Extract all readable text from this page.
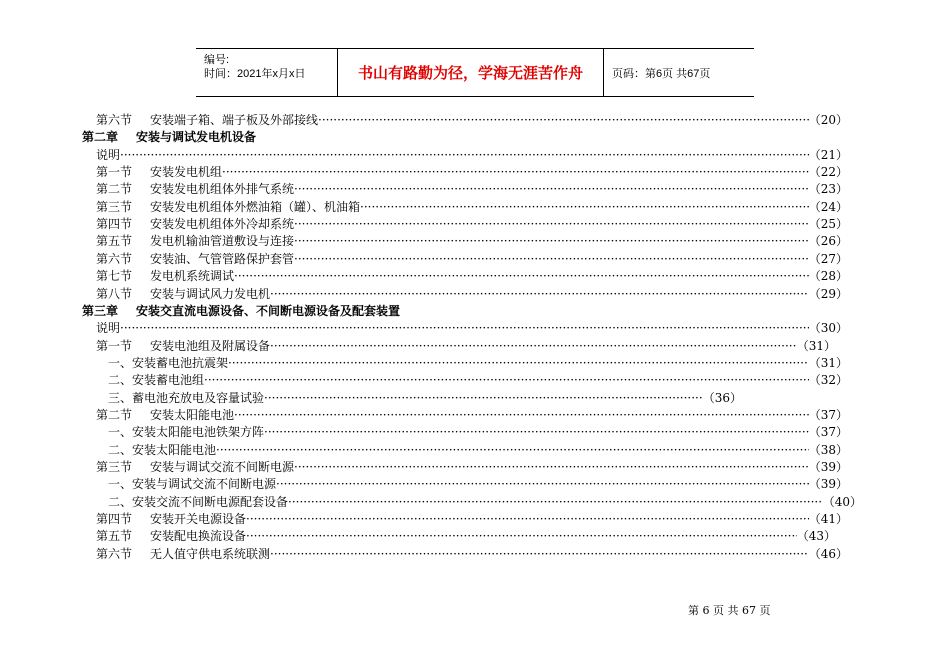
编号:
时间：2021年x月x日	书山有路勤为径，学海无涯苦作舟	页码：第6页 共67页
第六节	安装端子箱、端子板及外部接线 ·····	（20）
第二章	安装与调试发电机设备
说明 ·····	（21）
第一节	安装发电机组 ·····	（22）
第二节	安装发电机组体外排气系统 ·····	（23）
第三节	安装发电机组体外燃油箱（罐）、机油箱 ·····	（24）
第四节	安装发电机组体外冷却系统 ·····	（25）
第五节	发电机输油管道敷设与连接 ·····	（26）
第六节	安装油、气管管路保护套管 ·····	（27）
第七节	发电机系统调试 ·····	（28）
第八节	安装与调试风力发电机 ·····	（29）
第三章	安装交直流电源设备、不间断电源设备及配套装置
说明 ·····	（30）
第一节	安装电池组及附属设备 ·····	（31）
一、安装蓄电池抗震架 ·····	（31）
二、安装蓄电池组 ·····	（32）
三、蓄电池充放电及容量试验 ·····	（36）
第二节	安装太阳能电池 ·····	（37）
一、安装太阳能电池铁架方阵 ·····	（37）
二、安装太阳能电池 ·····	（38）
第三节	安装与调试交流不间断电源 ·····	（39）
一、安装与调试交流不间断电源 ·····	（39）
二、安装交流不间断电源配套设备 ·····	（40）
第四节	安装开关电源设备 ·····	（41）
第五节	安装配电换流设备 ·····	（43）
第六节	无人值守供电系统联测 ·····	（46）
第 6 页 共 67 页
